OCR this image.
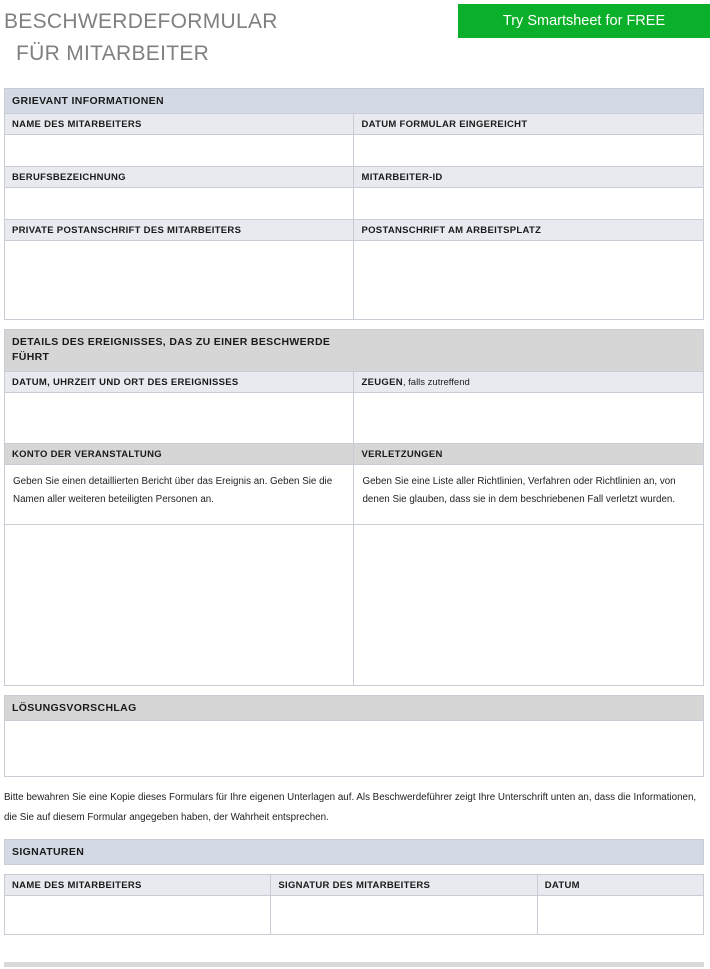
BESCHWERDEFORMULAR
FÜR MITARBEITER
Try Smartsheet for FREE
GRIEVANT INFORMATIONEN	

NAME DES MITARBEITERS	DATUM FORMULAR EINGEREICHT

BERUFSBEZEICHNUNG	MITARBEITER-ID

PRIVATE POSTANSCHRIFT DES MITARBEITERS	POSTANSCHRIFT AM ARBEITSPLATZ

DETAILS DES EREIGNISSES, DAS ZU EINER BESCHWERDE
FÜHRT	

DATUM, UHRZEIT UND ORT DES EREIGNISSES	ZEUGEN, falls zutreffend

KONTO DER VERANSTALTUNG	VERLETZUNGEN

Geben Sie einen detaillierten Bericht über das Ereignis an. Geben Sie die Namen aller weiteren beteiligten Personen an.	Geben Sie eine Liste aller Richtlinien, Verfahren oder Richtlinien an, von denen Sie glauben, dass sie in dem beschriebenen Fall verletzt wurden.

LÖSUNGSVORSCHLAG

Bitte bewahren Sie eine Kopie dieses Formulars für Ihre eigenen Unterlagen auf. Als Beschwerdeführer zeigt Ihre Unterschrift unten an, dass die Informationen, die Sie auf diesem Formular angegeben haben, der Wahrheit entsprechen.

SIGNATUREN
NAME DES MITARBEITERS	SIGNATUR DES MITARBEITERS	DATUM
